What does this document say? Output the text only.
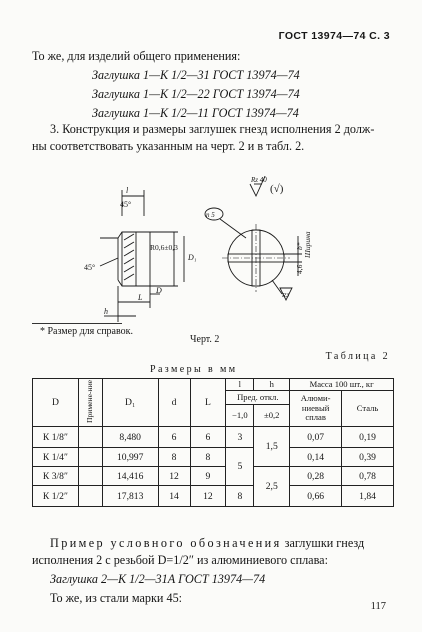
ГОСТ 13974—74 С. 3
То же, для изделий общего применения:
Заглушка 1—К 1/2—31 ГОСТ 13974—74
Заглушка 1—К 1/2—22 ГОСТ 13974—74
Заглушка 1—К 1/2—11 ГОСТ 13974—74
3. Конструкция и размеры заглушек гнезд исполнения 2 долж-
ны соответствовать указанным на черт. 2 и в табл. 2.
Rz 40
(√)
l
45°
45°
R0,6±0,3
D₁
D
L
h
n 5
Ширина
4,6
b*
R3
* Размер для справок.
Черт. 2
Таблица 2
Размеры в мм
D	Примене-ние	D₁	d	L	l	h	Масса 100 шт., кг	
					Пред. откл.		Алюми-ниевый сплав	Сталь
					−1,0	±0,2		
К 1/8″		8,480	6	6	3	1,5	0,07	0,19
К 1/4″		10,997	8	8	5		0,14	0,39
К 3/8″		14,416	12	9		2,5	0,28	0,78
К 1/2″		17,813	14	12	8		0,66	1,84
Пример условного обозначения заглушки гнезд
исполнения 2 с резьбой D=1/2″ из алюминиевого сплава:
Заглушка 2—К 1/2—31А ГОСТ 13974—74
То же, из стали марки 45:
117
